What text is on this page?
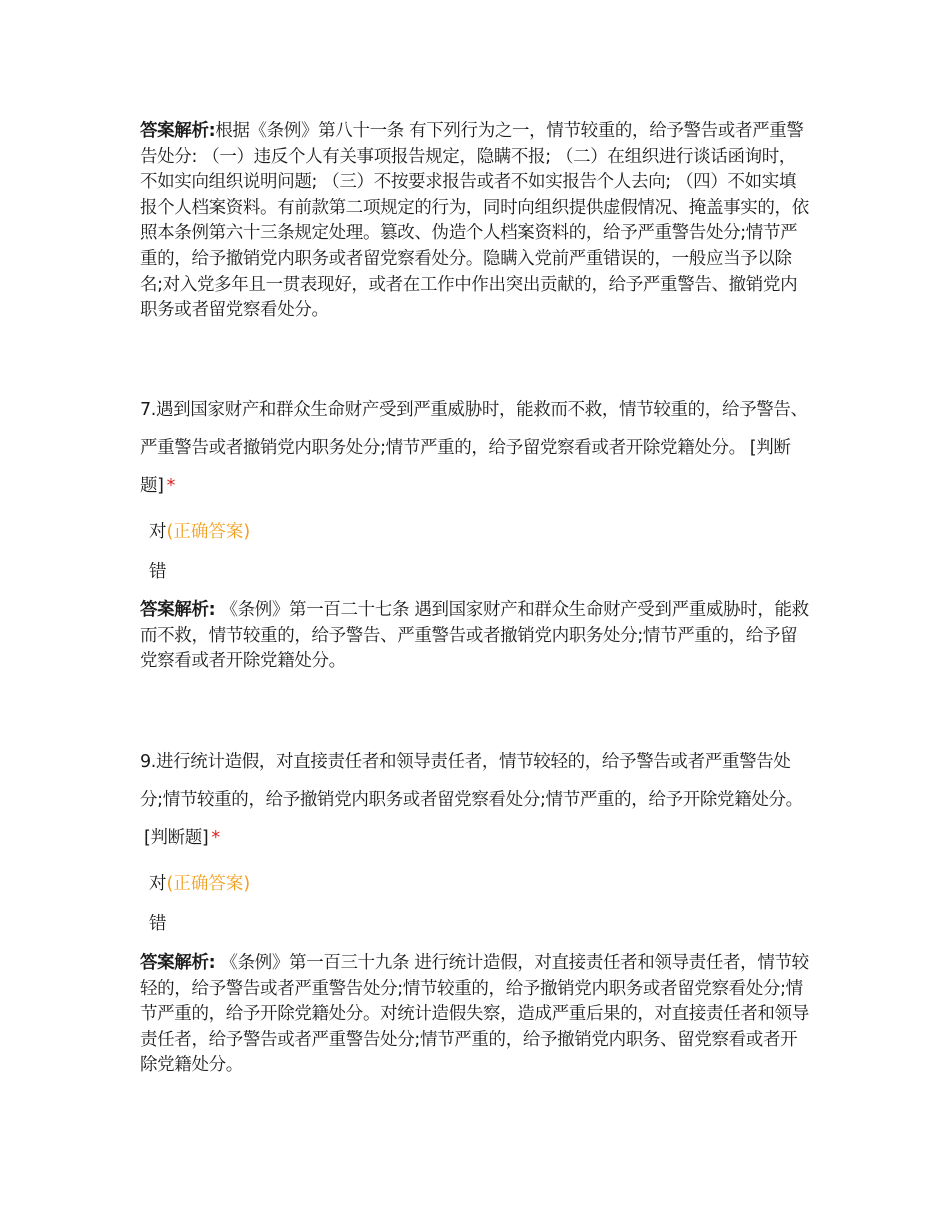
答案解析:根据《条例》第八十一条 有下列行为之一，情节较重的，给予警告或者严重警告处分: （一）违反个人有关事项报告规定，隐瞒不报; （二）在组织进行谈话函询时，不如实向组织说明问题; （三）不按要求报告或者不如实报告个人去向; （四）不如实填报个人档案资料。有前款第二项规定的行为，同时向组织提供虚假情况、掩盖事实的，依照本条例第六十三条规定处理。篡改、伪造个人档案资料的，给予严重警告处分;情节严重的，给予撤销党内职务或者留党察看处分。隐瞒入党前严重错误的，一般应当予以除名;对入党多年且一贯表现好，或者在工作中作出突出贡献的，给予严重警告、撤销党内职务或者留党察看处分。
7.遇到国家财产和群众生命财产受到严重威胁时，能救而不救，情节较重的，给予警告、严重警告或者撤销党内职务处分;情节严重的，给予留党察看或者开除党籍处分。 [判断题] *
对(正确答案)
错
答案解析: 《条例》第一百二十七条 遇到国家财产和群众生命财产受到严重威胁时，能救而不救，情节较重的，给予警告、严重警告或者撤销党内职务处分;情节严重的，给予留党察看或者开除党籍处分。
9.进行统计造假，对直接责任者和领导责任者，情节较轻的，给予警告或者严重警告处分;情节较重的，给予撤销党内职务或者留党察看处分;情节严重的，给予开除党籍处分。[判断题] *
对(正确答案)
错
答案解析: 《条例》第一百三十九条 进行统计造假，对直接责任者和领导责任者，情节较轻的，给予警告或者严重警告处分;情节较重的，给予撤销党内职务或者留党察看处分;情节严重的，给予开除党籍处分。对统计造假失察，造成严重后果的，对直接责任者和领导责任者，给予警告或者严重警告处分;情节严重的，给予撤销党内职务、留党察看或者开除党籍处分。
